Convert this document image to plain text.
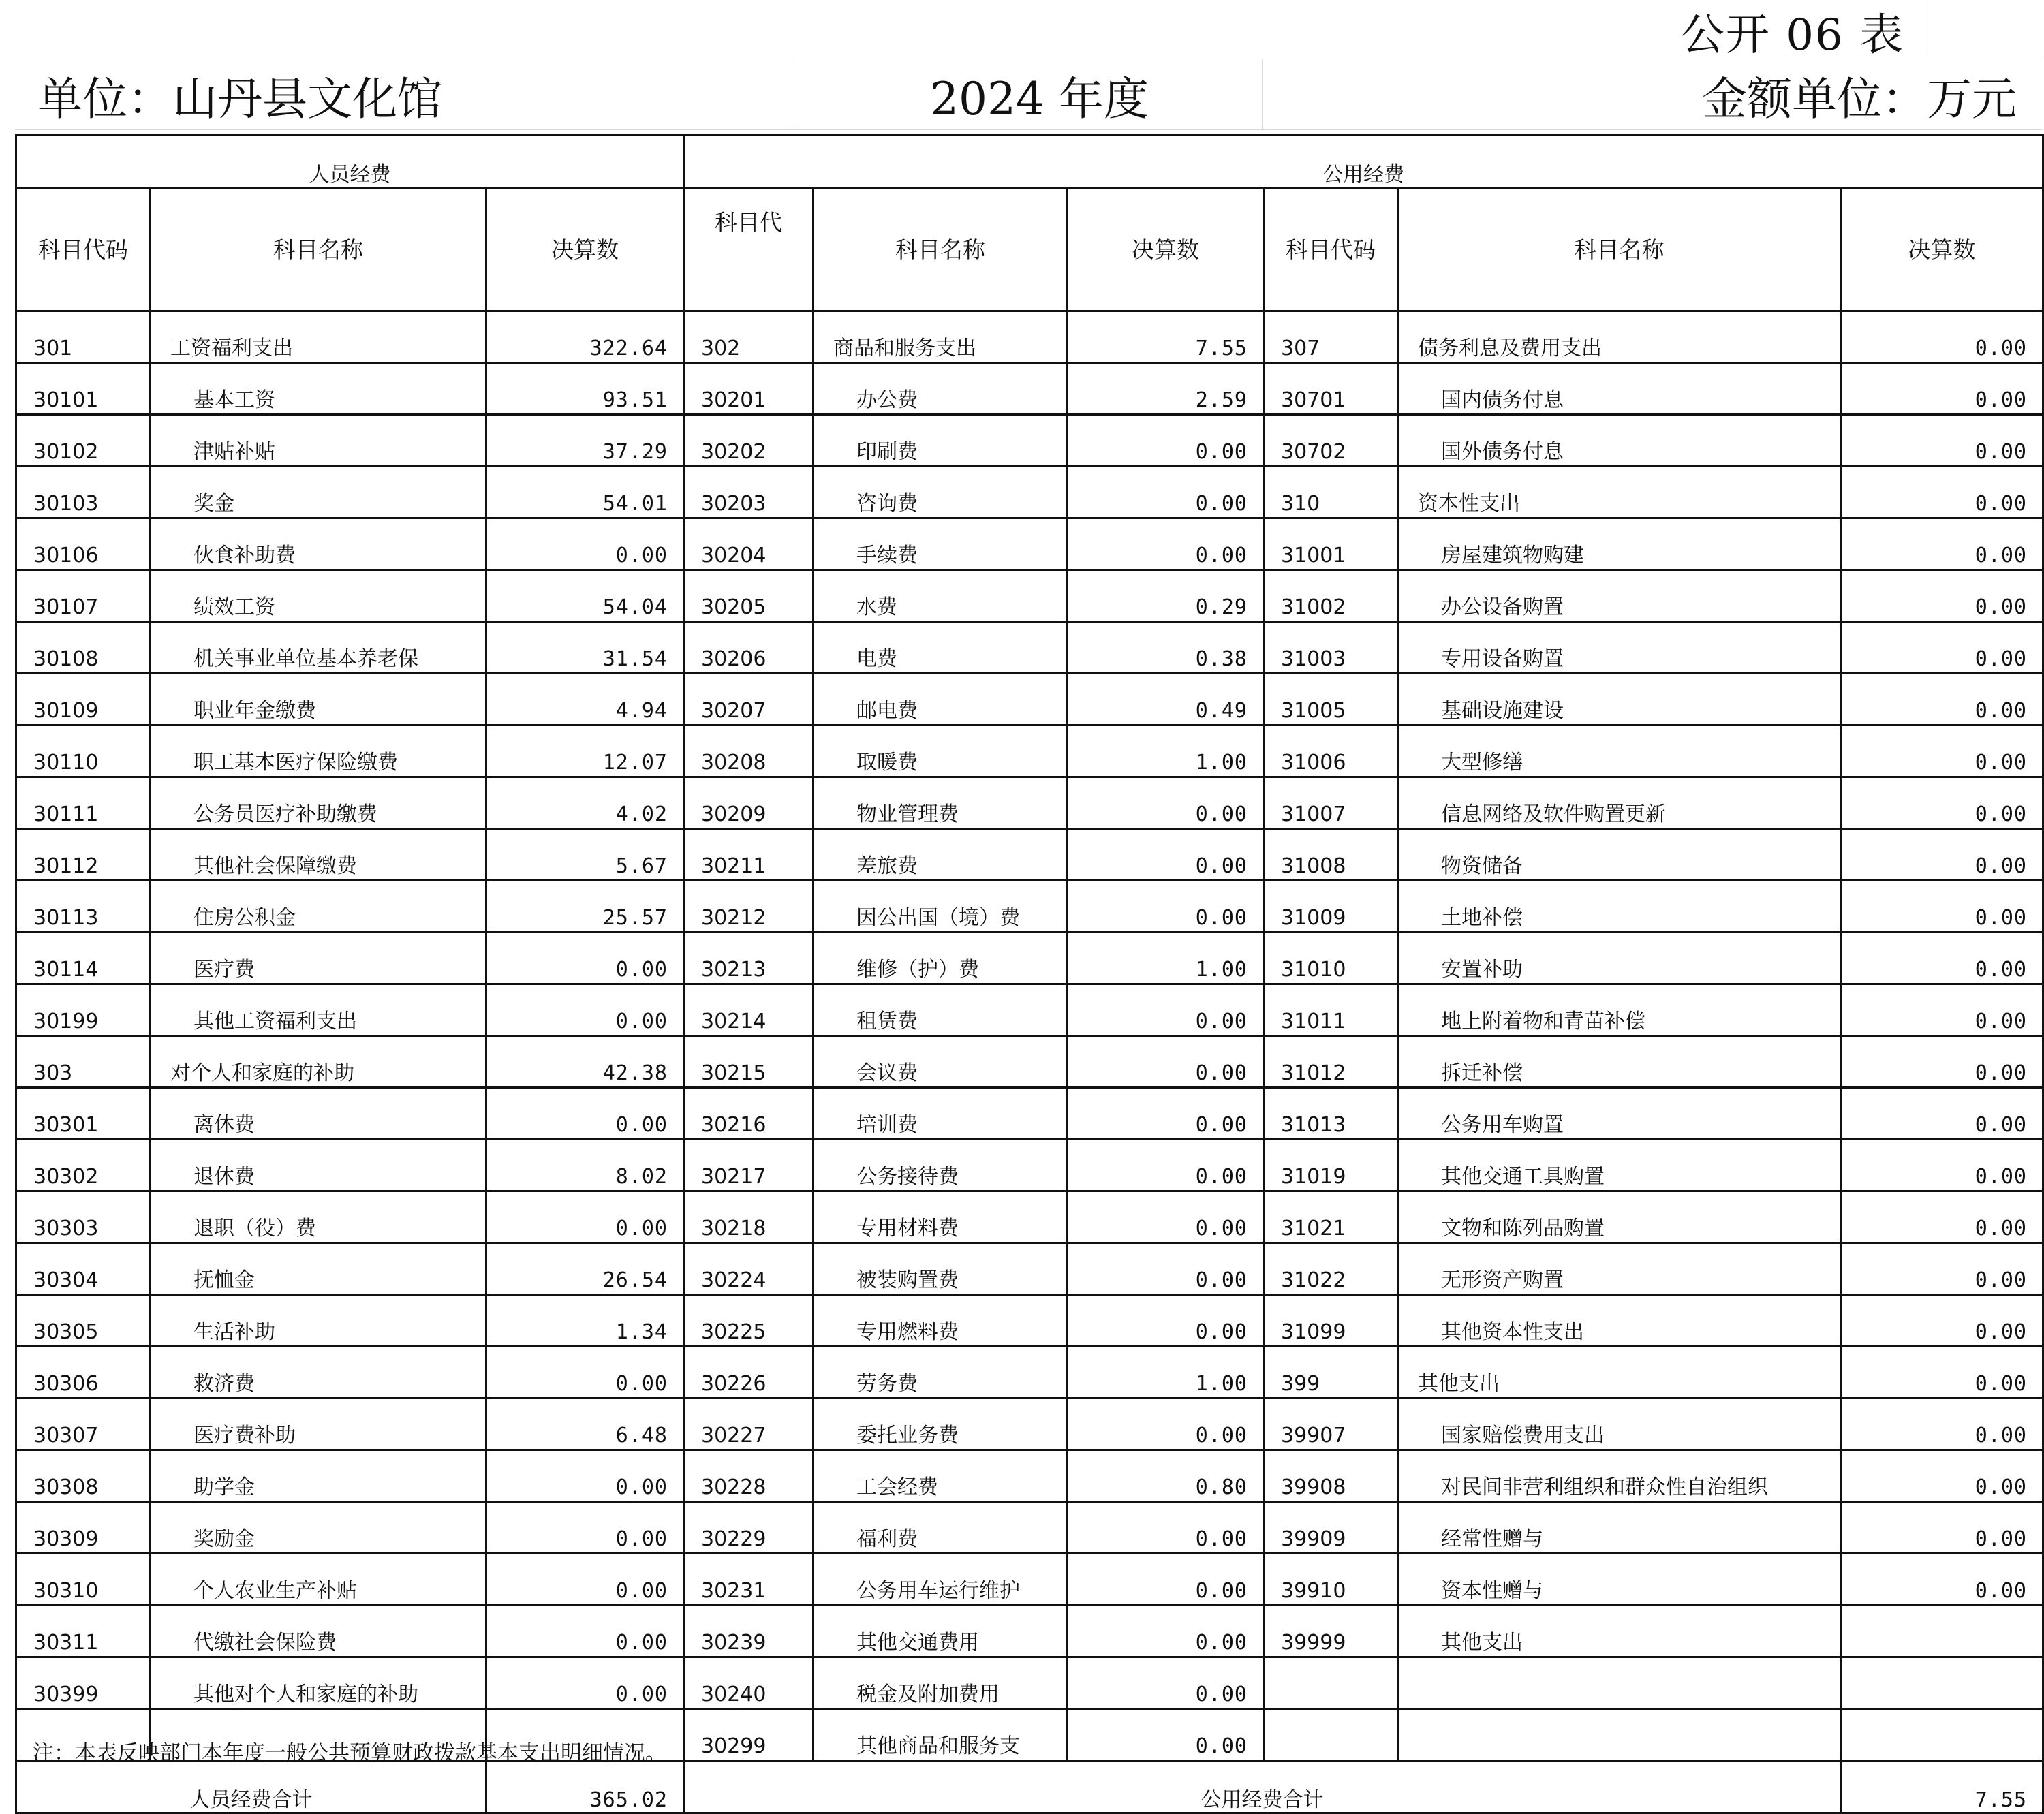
公开 06 表
单位：山丹县文化馆	2024 年度	金额单位：万元
人员经费			公用经费					
科目代码	科目名称	决算数	科目代	科目名称	决算数	科目代码	科目名称	决算数
301	工资福利支出	322.64	302	商品和服务支出	7.55	307	债务利息及费用支出	0.00
30101	基本工资	93.51	30201	办公费	2.59	30701	国内债务付息	0.00
30102	津贴补贴	37.29	30202	印刷费	0.00	30702	国外债务付息	0.00
30103	奖金	54.01	30203	咨询费	0.00	310	资本性支出	0.00
30106	伙食补助费	0.00	30204	手续费	0.00	31001	房屋建筑物购建	0.00
30107	绩效工资	54.04	30205	水费	0.29	31002	办公设备购置	0.00
30108	机关事业单位基本养老保	31.54	30206	电费	0.38	31003	专用设备购置	0.00
30109	职业年金缴费	4.94	30207	邮电费	0.49	31005	基础设施建设	0.00
30110	职工基本医疗保险缴费	12.07	30208	取暖费	1.00	31006	大型修缮	0.00
30111	公务员医疗补助缴费	4.02	30209	物业管理费	0.00	31007	信息网络及软件购置更新	0.00
30112	其他社会保障缴费	5.67	30211	差旅费	0.00	31008	物资储备	0.00
30113	住房公积金	25.57	30212	因公出国（境）费	0.00	31009	土地补偿	0.00
30114	医疗费	0.00	30213	维修（护）费	1.00	31010	安置补助	0.00
30199	其他工资福利支出	0.00	30214	租赁费	0.00	31011	地上附着物和青苗补偿	0.00
303	对个人和家庭的补助	42.38	30215	会议费	0.00	31012	拆迁补偿	0.00
30301	离休费	0.00	30216	培训费	0.00	31013	公务用车购置	0.00
30302	退休费	8.02	30217	公务接待费	0.00	31019	其他交通工具购置	0.00
30303	退职（役）费	0.00	30218	专用材料费	0.00	31021	文物和陈列品购置	0.00
30304	抚恤金	26.54	30224	被装购置费	0.00	31022	无形资产购置	0.00
30305	生活补助	1.34	30225	专用燃料费	0.00	31099	其他资本性支出	0.00
30306	救济费	0.00	30226	劳务费	1.00	399	其他支出	0.00
30307	医疗费补助	6.48	30227	委托业务费	0.00	39907	国家赔偿费用支出	0.00
30308	助学金	0.00	30228	工会经费	0.80	39908	对民间非营利组织和群众性自治组织	0.00
30309	奖励金	0.00	30229	福利费	0.00	39909	经常性赠与	0.00
30310	个人农业生产补贴	0.00	30231	公务用车运行维护	0.00	39910	资本性赠与	0.00
30311	代缴社会保险费	0.00	30239	其他交通费用	0.00	39999	其他支出	
30399	其他对个人和家庭的补助	0.00	30240	税金及附加费用	0.00			
			30299	其他商品和服务支	0.00			
人员经费合计		365.02	公用经费合计					7.55
注：本表反映部门本年度一般公共预算财政拨款基本支出明细情况。
